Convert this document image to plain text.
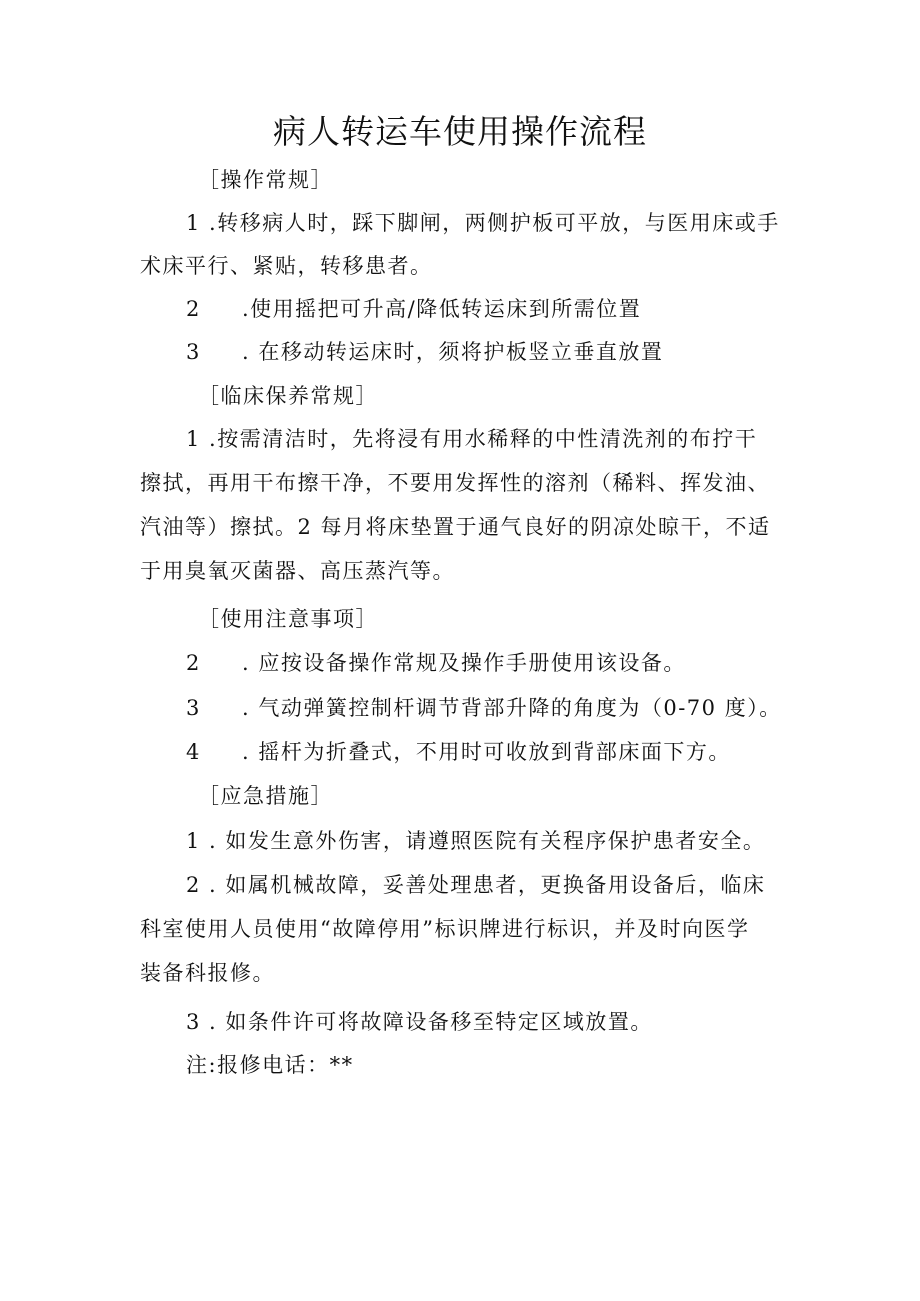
病人转运车使用操作流程
［操作常规］
1 .转移病人时，踩下脚闸，两侧护板可平放，与医用床或手
术床平行、紧贴，转移患者。
2 .使用摇把可升高/降低转运床到所需位置
3 . 在移动转运床时，须将护板竖立垂直放置
［临床保养常规］
1 .按需清洁时，先将浸有用水稀释的中性清洗剂的布拧干
擦拭，再用干布擦干净，不要用发挥性的溶剂（稀料、挥发油、
汽油等）擦拭。2 每月将床垫置于通气良好的阴凉处晾干，不适
于用臭氧灭菌器、高压蒸汽等。
［使用注意事项］
2 . 应按设备操作常规及操作手册使用该设备。
3 . 气动弹簧控制杆调节背部升降的角度为（0-70 度）。
4 . 摇杆为折叠式，不用时可收放到背部床面下方。
［应急措施］
1 . 如发生意外伤害，请遵照医院有关程序保护患者安全。
2 . 如属机械故障，妥善处理患者，更换备用设备后，临床
科室使用人员使用“故障停用”标识牌进行标识，并及时向医学
装备科报修。
3 . 如条件许可将故障设备移至特定区域放置。
注:报修电话：**
